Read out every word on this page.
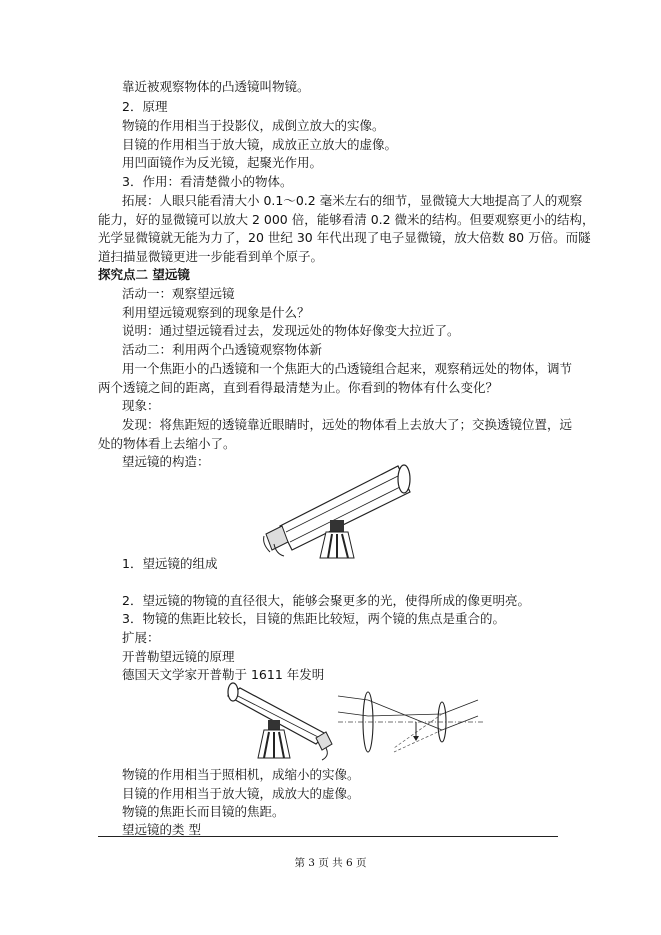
靠近被观察物体的凸透镜叫物镜。
2．原理
物镜的作用相当于投影仪，成倒立放大的实像。
目镜的作用相当于放大镜，成放正立放大的虚像。
用凹面镜作为反光镜，起聚光作用。
3．作用：看清楚微小的物体。
拓展：人眼只能看清大小 0.1～0.2 毫米左右的细节，显微镜大大地提高了人的观察
能力，好的显微镜可以放大 2 000 倍，能够看清 0.2 微米的结构。但要观察更小的结构，
光学显微镜就无能为力了，20 世纪 30 年代出现了电子显微镜，放大倍数 80 万倍。而隧
道扫描显微镜更进一步能看到单个原子。
探究点二 望远镜
活动一：观察望远镜
利用望远镜观察到的现象是什么？
说明：通过望远镜看过去，发现远处的物体好像变大拉近了。
活动二：利用两个凸透镜观察物体新
用一个焦距小的凸透镜和一个焦距大的凸透镜组合起来，观察稍远处的物体，调节
两个透镜之间的距离，直到看得最清楚为止。你看到的物体有什么变化？
现象：
发现：将焦距短的透镜靠近眼睛时，远处的物体看上去放大了；交换透镜位置，远
处的物体看上去缩小了。
望远镜的构造：
1．望远镜的组成
2．望远镜的物镜的直径很大，能够会聚更多的光，使得所成的像更明亮。
3．物镜的焦距比较长，目镜的焦距比较短，两个镜的焦点是重合的。
扩展：
开普勒望远镜的原理
德国天文学家开普勒于 1611 年发明
物镜的作用相当于照相机，成缩小的实像。
目镜的作用相当于放大镜，成放大的虚像。
物镜的焦距长而目镜的焦距。
望远镜的类 型
第 3 页 共 6 页
